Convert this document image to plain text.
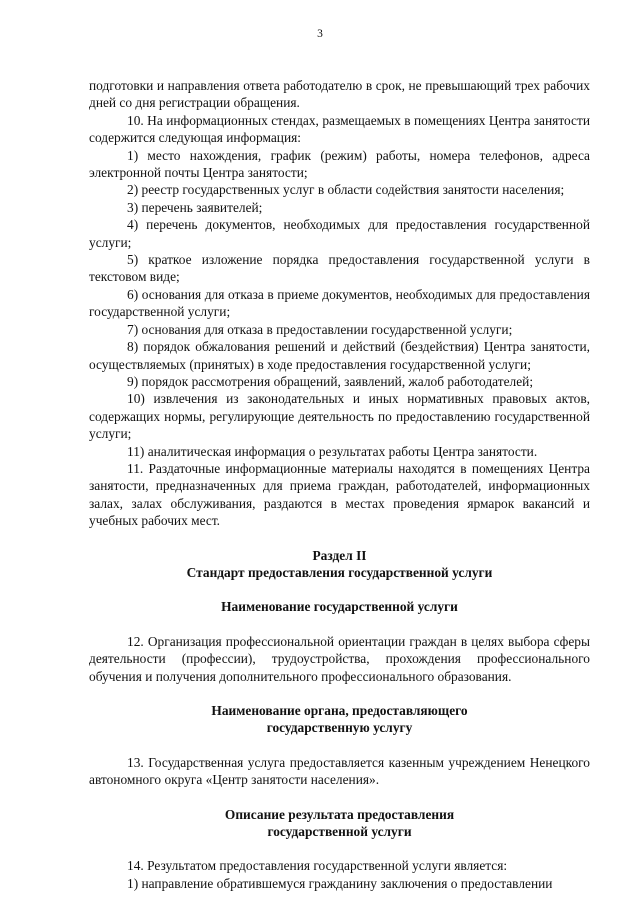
3

подготовки и направления ответа работодателю в срок, не превышающий трех рабочих дней со дня регистрации обращения.

10. На информационных стендах, размещаемых в помещениях Центра занятости содержится следующая информация:

1) место нахождения, график (режим) работы, номера телефонов, адреса электронной почты Центра занятости;

2) реестр государственных услуг в области содействия занятости населения;

3) перечень заявителей;

4) перечень документов, необходимых для предоставления государственной услуги;

5) краткое изложение порядка предоставления государственной услуги в текстовом виде;

6) основания для отказа в приеме документов, необходимых для предоставления государственной услуги;

7) основания для отказа в предоставлении государственной услуги;

8) порядок обжалования решений и действий (бездействия) Центра занятости, осуществляемых (принятых) в ходе предоставления государственной услуги;

9) порядок рассмотрения обращений, заявлений, жалоб работодателей;

10) извлечения из законодательных и иных нормативных правовых актов, содержащих нормы, регулирующие деятельность по предоставлению государственной услуги;

11) аналитическая информация о результатах работы Центра занятости.

11. Раздаточные информационные материалы находятся в помещениях Центра занятости, предназначенных для приема граждан, работодателей, информационных залах, залах обслуживания, раздаются в местах проведения ярмарок вакансий и учебных рабочих мест.

Раздел II

Стандарт предоставления государственной услуги

Наименование государственной услуги

12. Организация профессиональной ориентации граждан в целях выбора сферы деятельности (профессии), трудоустройства, прохождения профессионального обучения и получения дополнительного профессионального образования.

Наименование органа, предоставляющего

государственную услугу

13. Государственная услуга предоставляется казенным учреждением Ненецкого автономного округа «Центр занятости населения».

Описание результата предоставления

государственной услуги

14. Результатом предоставления государственной услуги является:

1) направление обратившемуся гражданину заключения о предоставлении
